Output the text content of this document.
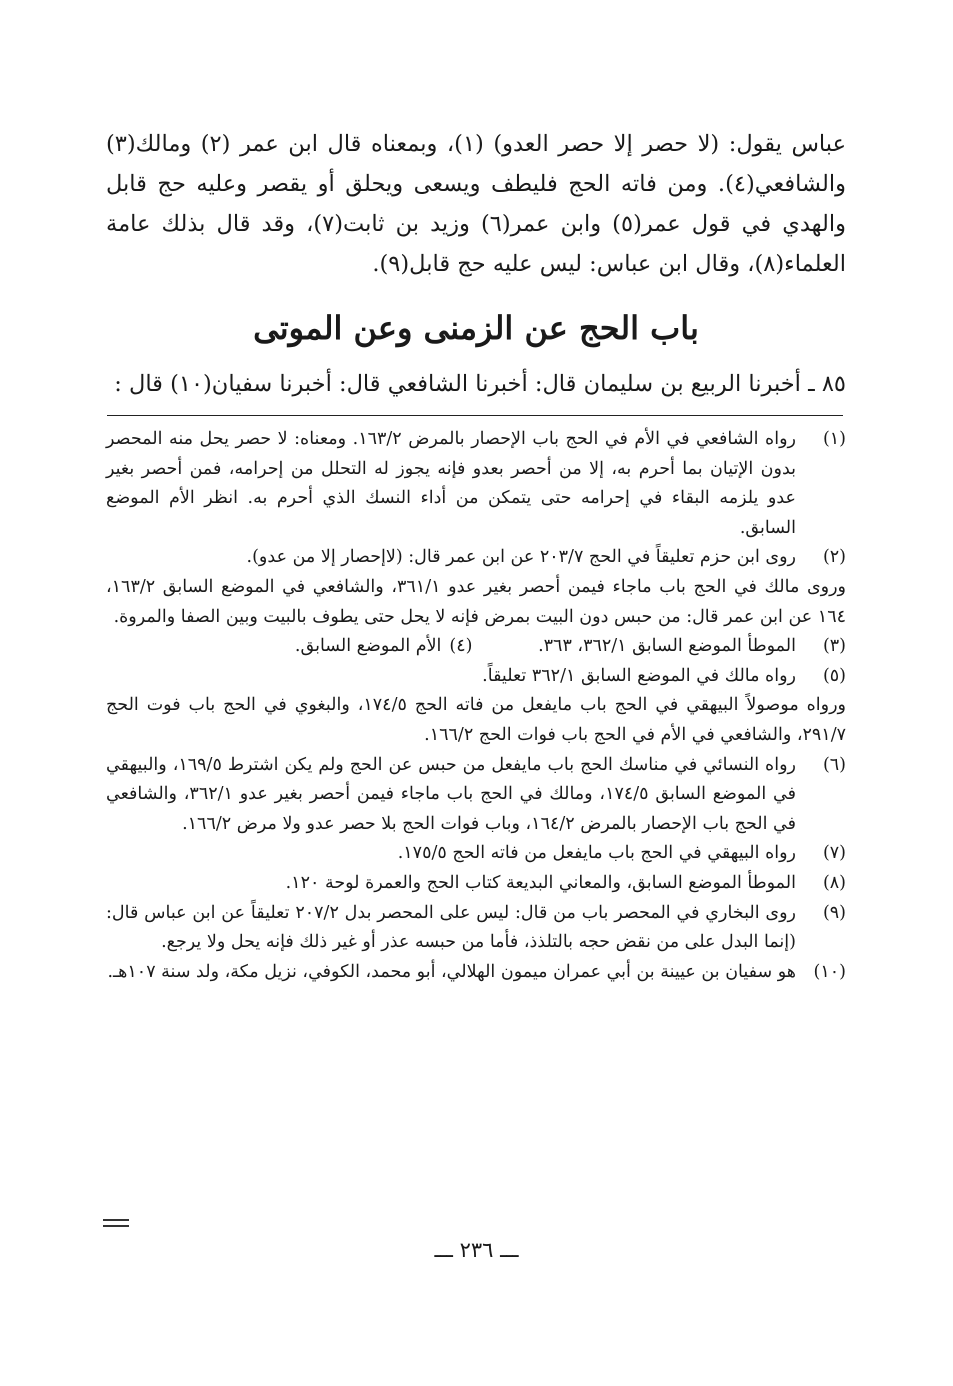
عباس يقول: (لا حصر إلا حصر العدو) (١)، وبمعناه قال ابن عمر (٢) ومالك(٣) والشافعي(٤). ومن فاته الحج فليطف ويسعى ويحلق أو يقصر وعليه حج قابل والهدي في قول عمر(٥) وابن عمر(٦) وزيد بن ثابت(٧)، وقد قال بذلك عامة العلماء(٨)، وقال ابن عباس: ليس عليه حج قابل(٩).

باب الحج عن الزمنى وعن الموتى
٨٥ ـ أخبرنا الربيع بن سليمان قال: أخبرنا الشافعي قال: أخبرنا سفيان(١٠) قال :
(١)
رواه الشافعي في الأم في الحج باب الإحصار بالمرض ١٦٣/٢. ومعناه: لا حصر يحل منه المحصر بدون الإتيان بما أحرم به، إلا من أحصر بعدو فإنه يجوز له التحلل من إحرامه، فمن أحصر بغير عدو يلزمه البقاء في إحرامه حتى يتمكن من أداء النسك الذي أحرم به. انظر الأم الموضع السابق.
(٢)
روى ابن حزم تعليقاً في الحج ٢٠٣/٧ عن ابن عمر قال: (لاإحصار إلا من عدو).
وروى مالك في الحج باب ماجاء فيمن أحصر بغير عدو ٣٦١/١، والشافعي في الموضع السابق ١٦٣/٢، ١٦٤ عن ابن عمر قال: من حبس دون البيت بمرض فإنه لا يحل حتى يطوف بالبيت وبين الصفا والمروة.
(٣)
الموطأ الموضع السابق ٣٦٢/١، ٣٦٣. (٤)الأم الموضع السابق.
(٥)
رواه مالك في الموضع السابق ٣٦٢/١ تعليقاً.
ورواه موصولاً البيهقي في الحج باب مايفعل من فاته الحج ١٧٤/٥، والبغوي في الحج باب فوت الحج ٢٩١/٧، والشافعي في الأم في الحج باب فوات الحج ١٦٦/٢.
(٦)
رواه النسائي في مناسك الحج باب مايفعل من حبس عن الحج ولم يكن اشترط ١٦٩/٥، والبيهقي في الموضع السابق ١٧٤/٥، ومالك في الحج باب ماجاء فيمن أحصر بغير عدو ٣٦٢/١، والشافعي في الحج باب الإحصار بالمرض ١٦٤/٢، وباب فوات الحج بلا حصر عدو ولا مرض ١٦٦/٢.
(٧)
رواه البيهقي في الحج باب مايفعل من فاته الحج ١٧٥/٥.
(٨)
الموطأ الموضع السابق، والمعاني البديعة كتاب الحج والعمرة لوحة ١٢٠.
(٩)
روى البخاري في المحصر باب من قال: ليس على المحصر بدل ٢٠٧/٢ تعليقاً عن ابن عباس قال: (إنما البدل على من نقض حجه بالتلذذ، فأما من حبسه عذر أو غير ذلك فإنه يحل ولا يرجع.
(١٠)
هو سفيان بن عيينة بن أبي عمران ميمون الهلالي، أبو محمد، الكوفي، نزيل مكة، ولد سنة ١٠٧هـ.
ـــ ٢٣٦ ـــ
